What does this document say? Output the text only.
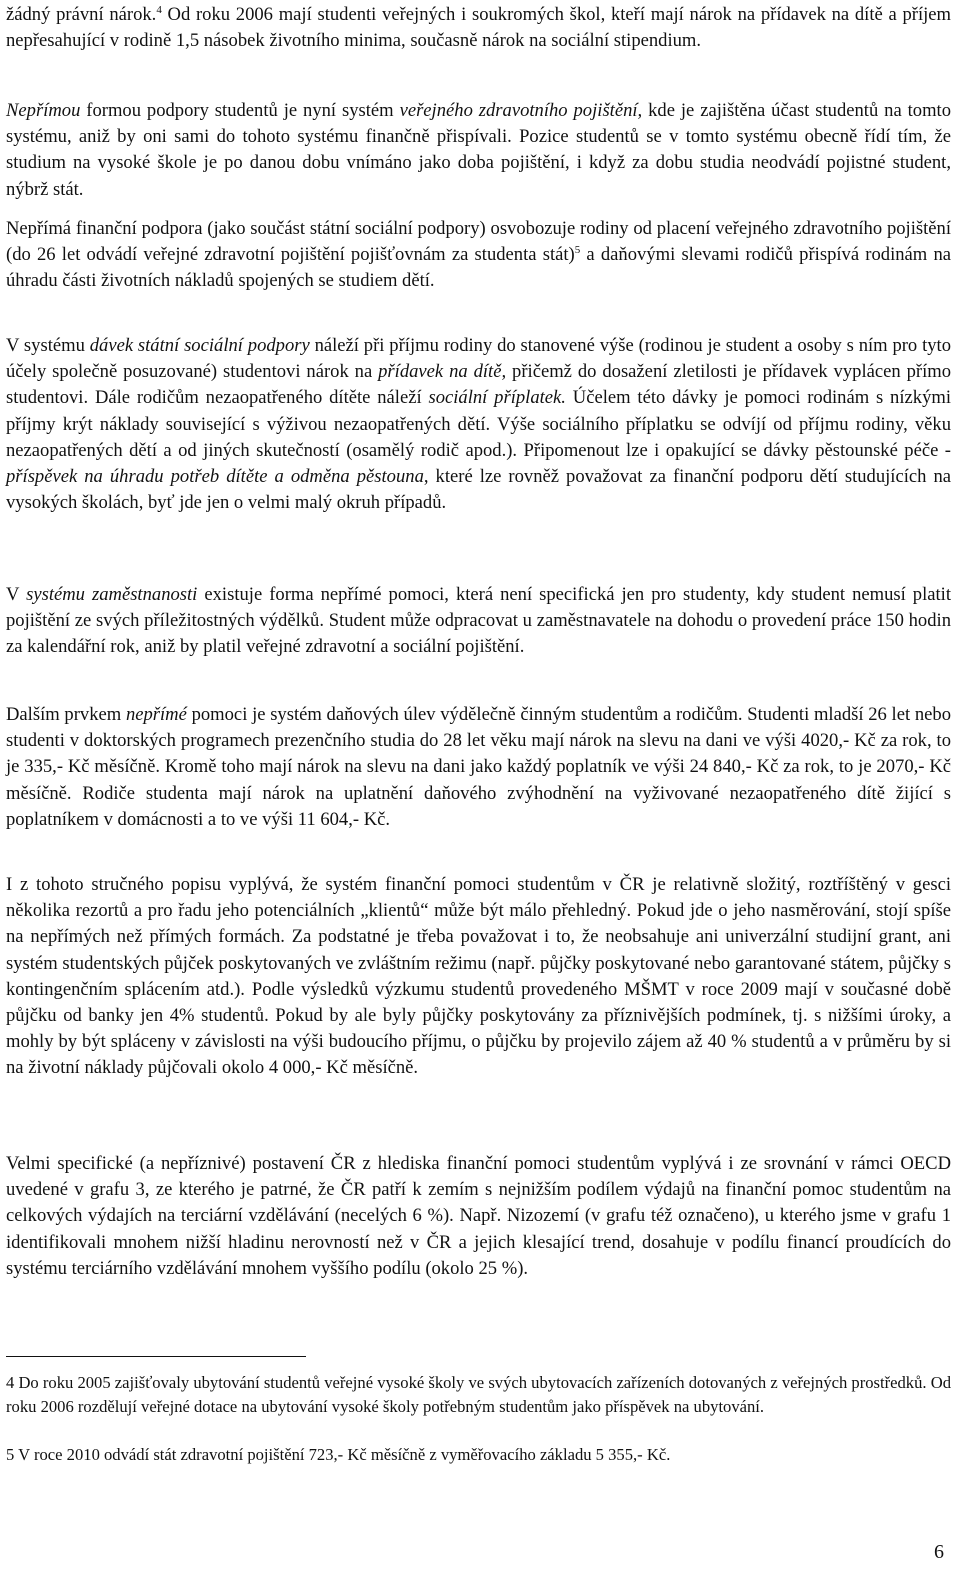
žádný právní nárok.$^4$ Od roku 2006 mají studenti veřejných i soukromých škol, kteří mají nárok na přídavek na dítě a příjem nepřesahující v rodině 1,5 násobek životního minima, současně nárok na sociální stipendium.

Nepřímou formou podpory studentů je nyní systém veřejného zdravotního pojištění, kde je zajištěna účast studentů na tomto systému, aniž by oni sami do tohoto systému finančně přispívali. Pozice studentů se v tomto systému obecně řídí tím, že studium na vysoké škole je po danou dobu vnímáno jako doba pojištění, i když za dobu studia neodvádí pojistné student, nýbrž stát.

Nepřímá finanční podpora (jako součást státní sociální podpory) osvobozuje rodiny od placení veřejného zdravotního pojištění (do 26 let odvádí veřejné zdravotní pojištění pojišťovnám za studenta stát)$^5$ a daňovými slevami rodičů přispívá rodinám na úhradu části životních nákladů spojených se studiem dětí.

V systému dávek státní sociální podpory náleží při příjmu rodiny do stanovené výše (rodinou je student a osoby s ním pro tyto účely společně posuzované) studentovi nárok na přídavek na dítě, přičemž do dosažení zletilosti je přídavek vyplácen přímo studentovi. Dále rodičům nezaopatřeného dítěte náleží sociální příplatek. Účelem této dávky je pomoci rodinám s nízkými příjmy krýt náklady související s výživou nezaopatřených dětí. Výše sociálního příplatku se odvíjí od příjmu rodiny, věku nezaopatřených dětí a od jiných skutečností (osamělý rodič apod.). Připomenout lze i opakující se dávky pěstounské péče - příspěvek na úhradu potřeb dítěte a odměna pěstouna, které lze rovněž považovat za finanční podporu dětí studujících na vysokých školách, byť jde jen o velmi malý okruh případů.

V systému zaměstnanosti existuje forma nepřímé pomoci, která není specifická jen pro studenty, kdy student nemusí platit pojištění ze svých příležitostných výdělků. Student může odpracovat u zaměstnavatele na dohodu o provedení práce 150 hodin za kalendářní rok, aniž by platil veřejné zdravotní a sociální pojištění.

Dalším prvkem nepřímé pomoci je systém daňových úlev výdělečně činným studentům a rodičům. Studenti mladší 26 let nebo studenti v doktorských programech prezenčního studia do 28 let věku mají nárok na slevu na dani ve výši 4020,- Kč za rok, to je 335,- Kč měsíčně. Kromě toho mají nárok na slevu na dani jako každý poplatník ve výši 24 840,- Kč za rok, to je 2070,- Kč měsíčně. Rodiče studenta mají nárok na uplatnění daňového zvýhodnění na vyživované nezaopatřeného dítě žijící s poplatníkem v domácnosti a to ve výši 11 604,- Kč.

I z tohoto stručného popisu vyplývá, že systém finanční pomoci studentům v ČR je relativně složitý, roztříštěný v gesci několika rezortů a pro řadu jeho potenciálních „klientů“ může být málo přehledný. Pokud jde o jeho nasměrování, stojí spíše na nepřímých než přímých formách. Za podstatné je třeba považovat i to, že neobsahuje ani univerzální studijní grant, ani systém studentských půjček poskytovaných ve zvláštním režimu (např. půjčky poskytované nebo garantované státem, půjčky s kontingenčním splácením atd.). Podle výsledků výzkumu studentů provedeného MŠMT v roce 2009 mají v současné době půjčku od banky jen 4% studentů. Pokud by ale byly půjčky poskytovány za příznivějších podmínek, tj. s nižšími úroky, a mohly by být spláceny v závislosti na výši budoucího příjmu, o půjčku by projevilo zájem až 40 % studentů a v průměru by si na životní náklady půjčovali okolo 4 000,- Kč měsíčně.

Velmi specifické (a nepříznivé) postavení ČR z hlediska finanční pomoci studentům vyplývá i ze srovnání v rámci OECD uvedené v grafu 3, ze kterého je patrné, že ČR patří k zemím s nejnižším podílem výdajů na finanční pomoc studentům na celkových výdajích na terciární vzdělávání (necelých 6 %). Např. Nizozemí (v grafu též označeno), u kterého jsme v grafu 1 identifikovali mnohem nižší hladinu nerovností než v ČR a jejich klesající trend, dosahuje v podílu financí proudících do systému terciárního vzdělávání mnohem vyššího podílu (okolo 25 %).

4 Do roku 2005 zajišťovaly ubytování studentů veřejné vysoké školy ve svých ubytovacích zařízeních dotovaných z veřejných prostředků. Od roku 2006 rozdělují veřejné dotace na ubytování vysoké školy potřebným studentům jako příspěvek na ubytování.

5 V roce 2010 odvádí stát zdravotní pojištění 723,- Kč měsíčně z vyměřovacího základu 5 355,- Kč.

6
